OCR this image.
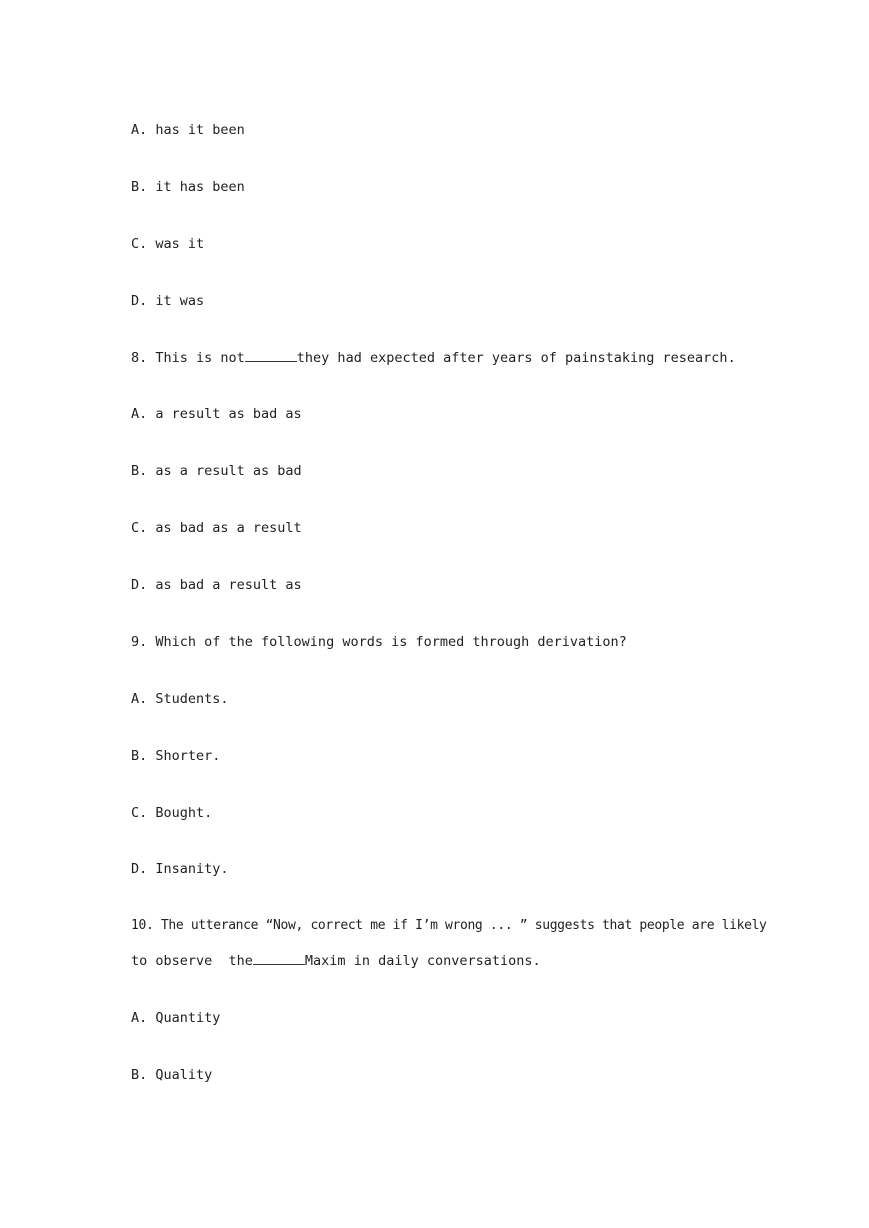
A. has it been
B. it has been
C. was it
D. it was
8. This is not	they had expected after years of painstaking research.
A. a result as bad as
B. as a result as bad
C. as bad as a result
D. as bad a result as
9. Which of the following words is formed through derivation?
A. Students.
B. Shorter.
C. Bought.
D. Insanity.
10. The utterance “Now, correct me if I’m wrong ... ” suggests that people are likely
to observe  the	Maxim in daily conversations.
A. Quantity
B. Quality
